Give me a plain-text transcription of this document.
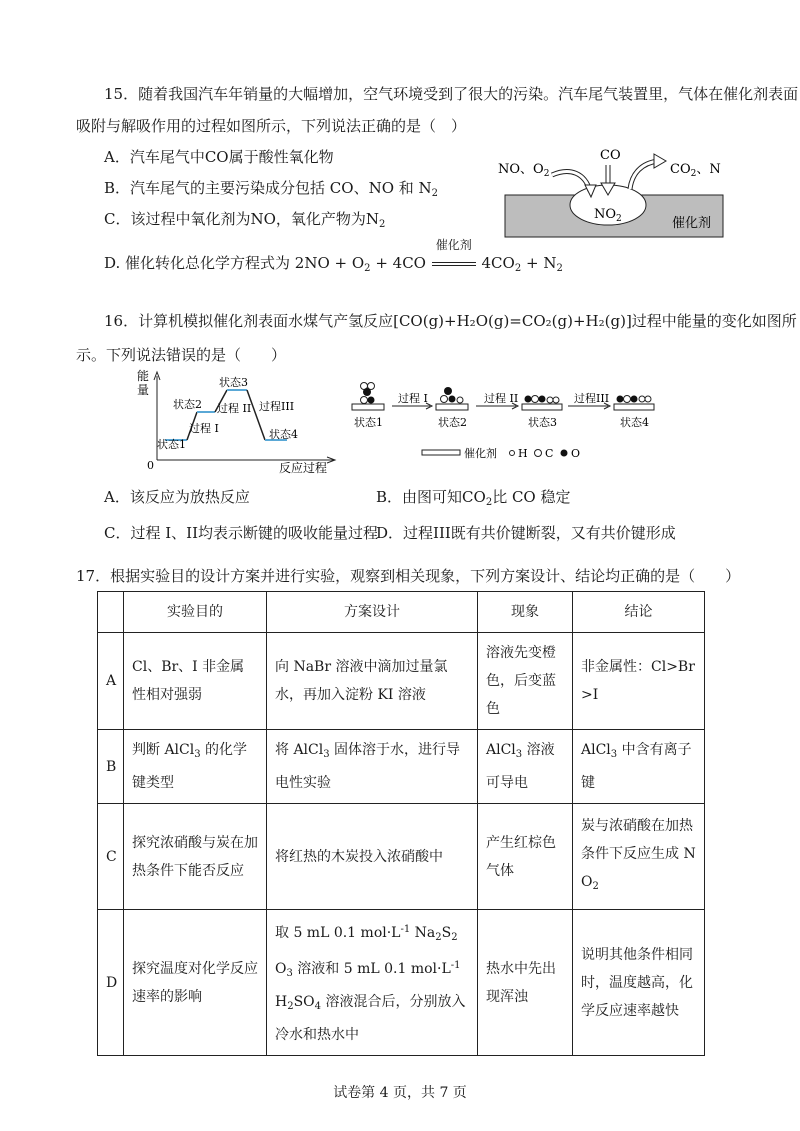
15．随着我国汽车年销量的大幅增加，空气环境受到了很大的污染。汽车尾气装置里，气体在催化剂表面
吸附与解吸作用的过程如图所示，下列说法正确的是（　）
A．汽车尾气中CO属于酸性氧化物
B．汽车尾气的主要污染成分包括 CO、NO 和 $N_2$
C．该过程中氧化剂为NO，氧化产物为$N_2$
D. 催化转化总化学方程式为 $2NO + O_2 + 4CO$
催化剂
$4CO_2 + N_2$
NO、$O_2$
CO
$CO_2$、N
$NO_2$	催化剂
16．计算机模拟催化剂表面水煤气产氢反应[CO(g)+H₂O(g)=CO₂(g)+H₂(g)]过程中能量的变化如图所
示。下列说法错误的是（　　）
能
量
0	反应过程
状态1
状态2
状态3
状态4
过程 I
过程 II 过程III
过程 I	过程 II	过程III
状态1	状态2	状态3	状态4
催化剂 H C O
A．该反应为放热反应	B．由图可知$CO_2$比 CO 稳定
C．过程 I、II均表示断键的吸收能量过程
D．过程III既有共价键断裂，又有共价键形成
17．根据实验目的设计方案并进行实验，观察到相关现象，下列方案设计、结论均正确的是（　　）
	实验目的	方案设计	现象	结论
A	Cl、Br、I 非金属性相对强弱	向 NaBr 溶液中滴加过量氯水，再加入淀粉 KI 溶液	溶液先变橙色，后变蓝色	非金属性：Cl>Br>I
B	判断 AlCl$_3$ 的化学键类型	将 AlCl$_3$ 固体溶于水，进行导电性实验	AlCl$_3$ 溶液可导电	AlCl$_3$ 中含有离子键
C	探究浓硝酸与炭在加热条件下能否反应	将红热的木炭投入浓硝酸中	产生红棕色气体	炭与浓硝酸在加热条件下反应生成 $NO_2$
D	探究温度对化学反应速率的影响	取 5 mL 0.1 $mol\cdot L^{-1}$ $Na_2S_2O_3$ 溶液和 5 mL 0.1 $mol\cdot L^{-1}$ $H_2SO_4$ 溶液混合后，分别放入冷水和热水中	热水中先出现浑浊	说明其他条件相同时，温度越高，化学反应速率越快
试卷第 4 页，共 7 页
